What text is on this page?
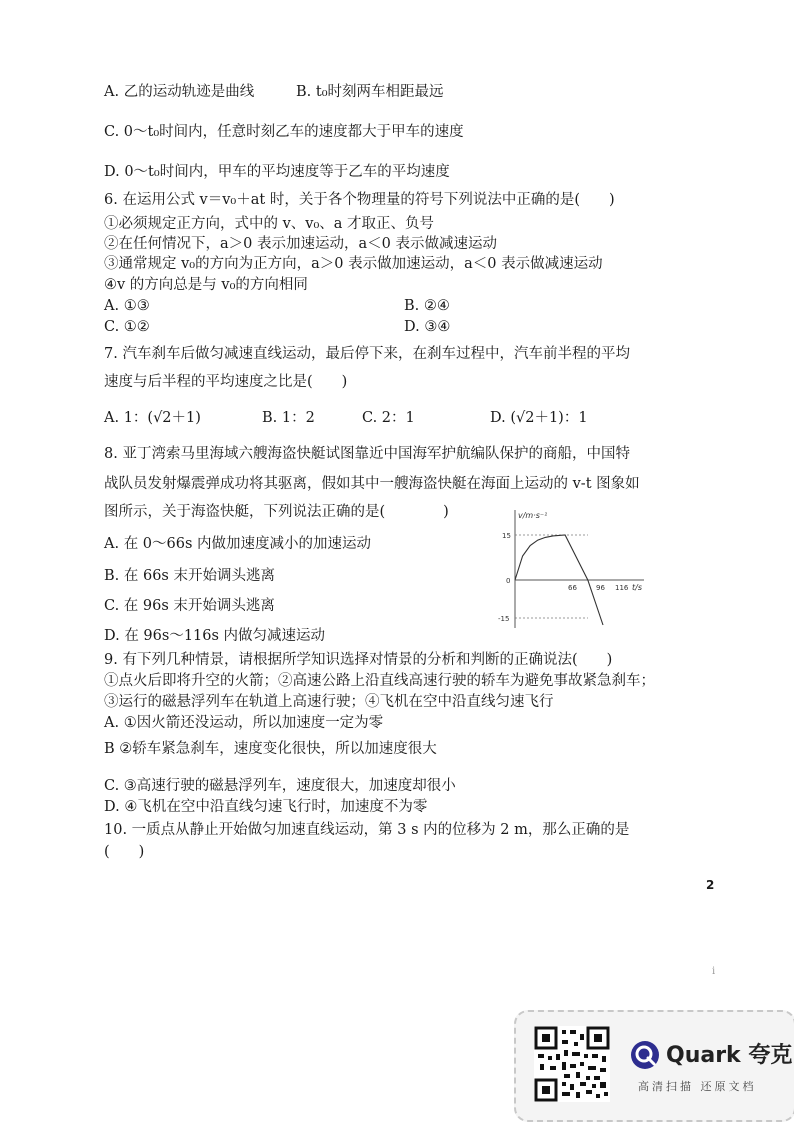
A. 乙的运动轨迹是曲线	B. t₀时刻两车相距最远
C. 0～t₀时间内，任意时刻乙车的速度都大于甲车的速度
D. 0～t₀时间内，甲车的平均速度等于乙车的平均速度
6. 在运用公式 v＝v₀＋at 时，关于各个物理量的符号下列说法中正确的是(　　)
①必须规定正方向，式中的 v、v₀、a 才取正、负号
②在任何情况下，a＞0 表示加速运动，a＜0 表示做减速运动
③通常规定 v₀的方向为正方向，a＞0 表示做加速运动，a＜0 表示做减速运动
④v 的方向总是与 v₀的方向相同
A. ①③	B. ②④
C. ①②	D. ③④
7. 汽车刹车后做匀减速直线运动，最后停下来，在刹车过程中，汽车前半程的平均
速度与后半程的平均速度之比是(　　)
A. 1：(√2＋1)	B. 1：2	C. 2：1	D. (√2＋1)：1
8. 亚丁湾索马里海域六艘海盗快艇试图靠近中国海军护航编队保护的商船，中国特
战队员发射爆震弹成功将其驱离，假如其中一艘海盗快艇在海面上运动的 v-t 图象如
图所示，关于海盗快艇，下列说法正确的是(　　　　)
A. 在 0～66s 内做加速度减小的加速运动
B. 在 66s 末开始调头逃离
C. 在 96s 末开始调头逃离
D. 在 96s～116s 内做匀减速运动
v/m·s⁻¹
t/s
15
0
-15
66	96 116
9. 有下列几种情景，请根据所学知识选择对情景的分析和判断的正确说法(　　)
①点火后即将升空的火箭；②高速公路上沿直线高速行驶的轿车为避免事故紧急刹车；
③运行的磁悬浮列车在轨道上高速行驶；④飞机在空中沿直线匀速飞行
A. ①因火箭还没运动，所以加速度一定为零
B ②轿车紧急刹车，速度变化很快，所以加速度很大
C. ③高速行驶的磁悬浮列车，速度很大，加速度却很小
D. ④飞机在空中沿直线匀速飞行时，加速度不为零
10. 一质点从静止开始做匀加速直线运动，第 3 s 内的位移为 2 m，那么正确的是
(　　)
2
i
Quark 夸克
高清扫描 还原文档
